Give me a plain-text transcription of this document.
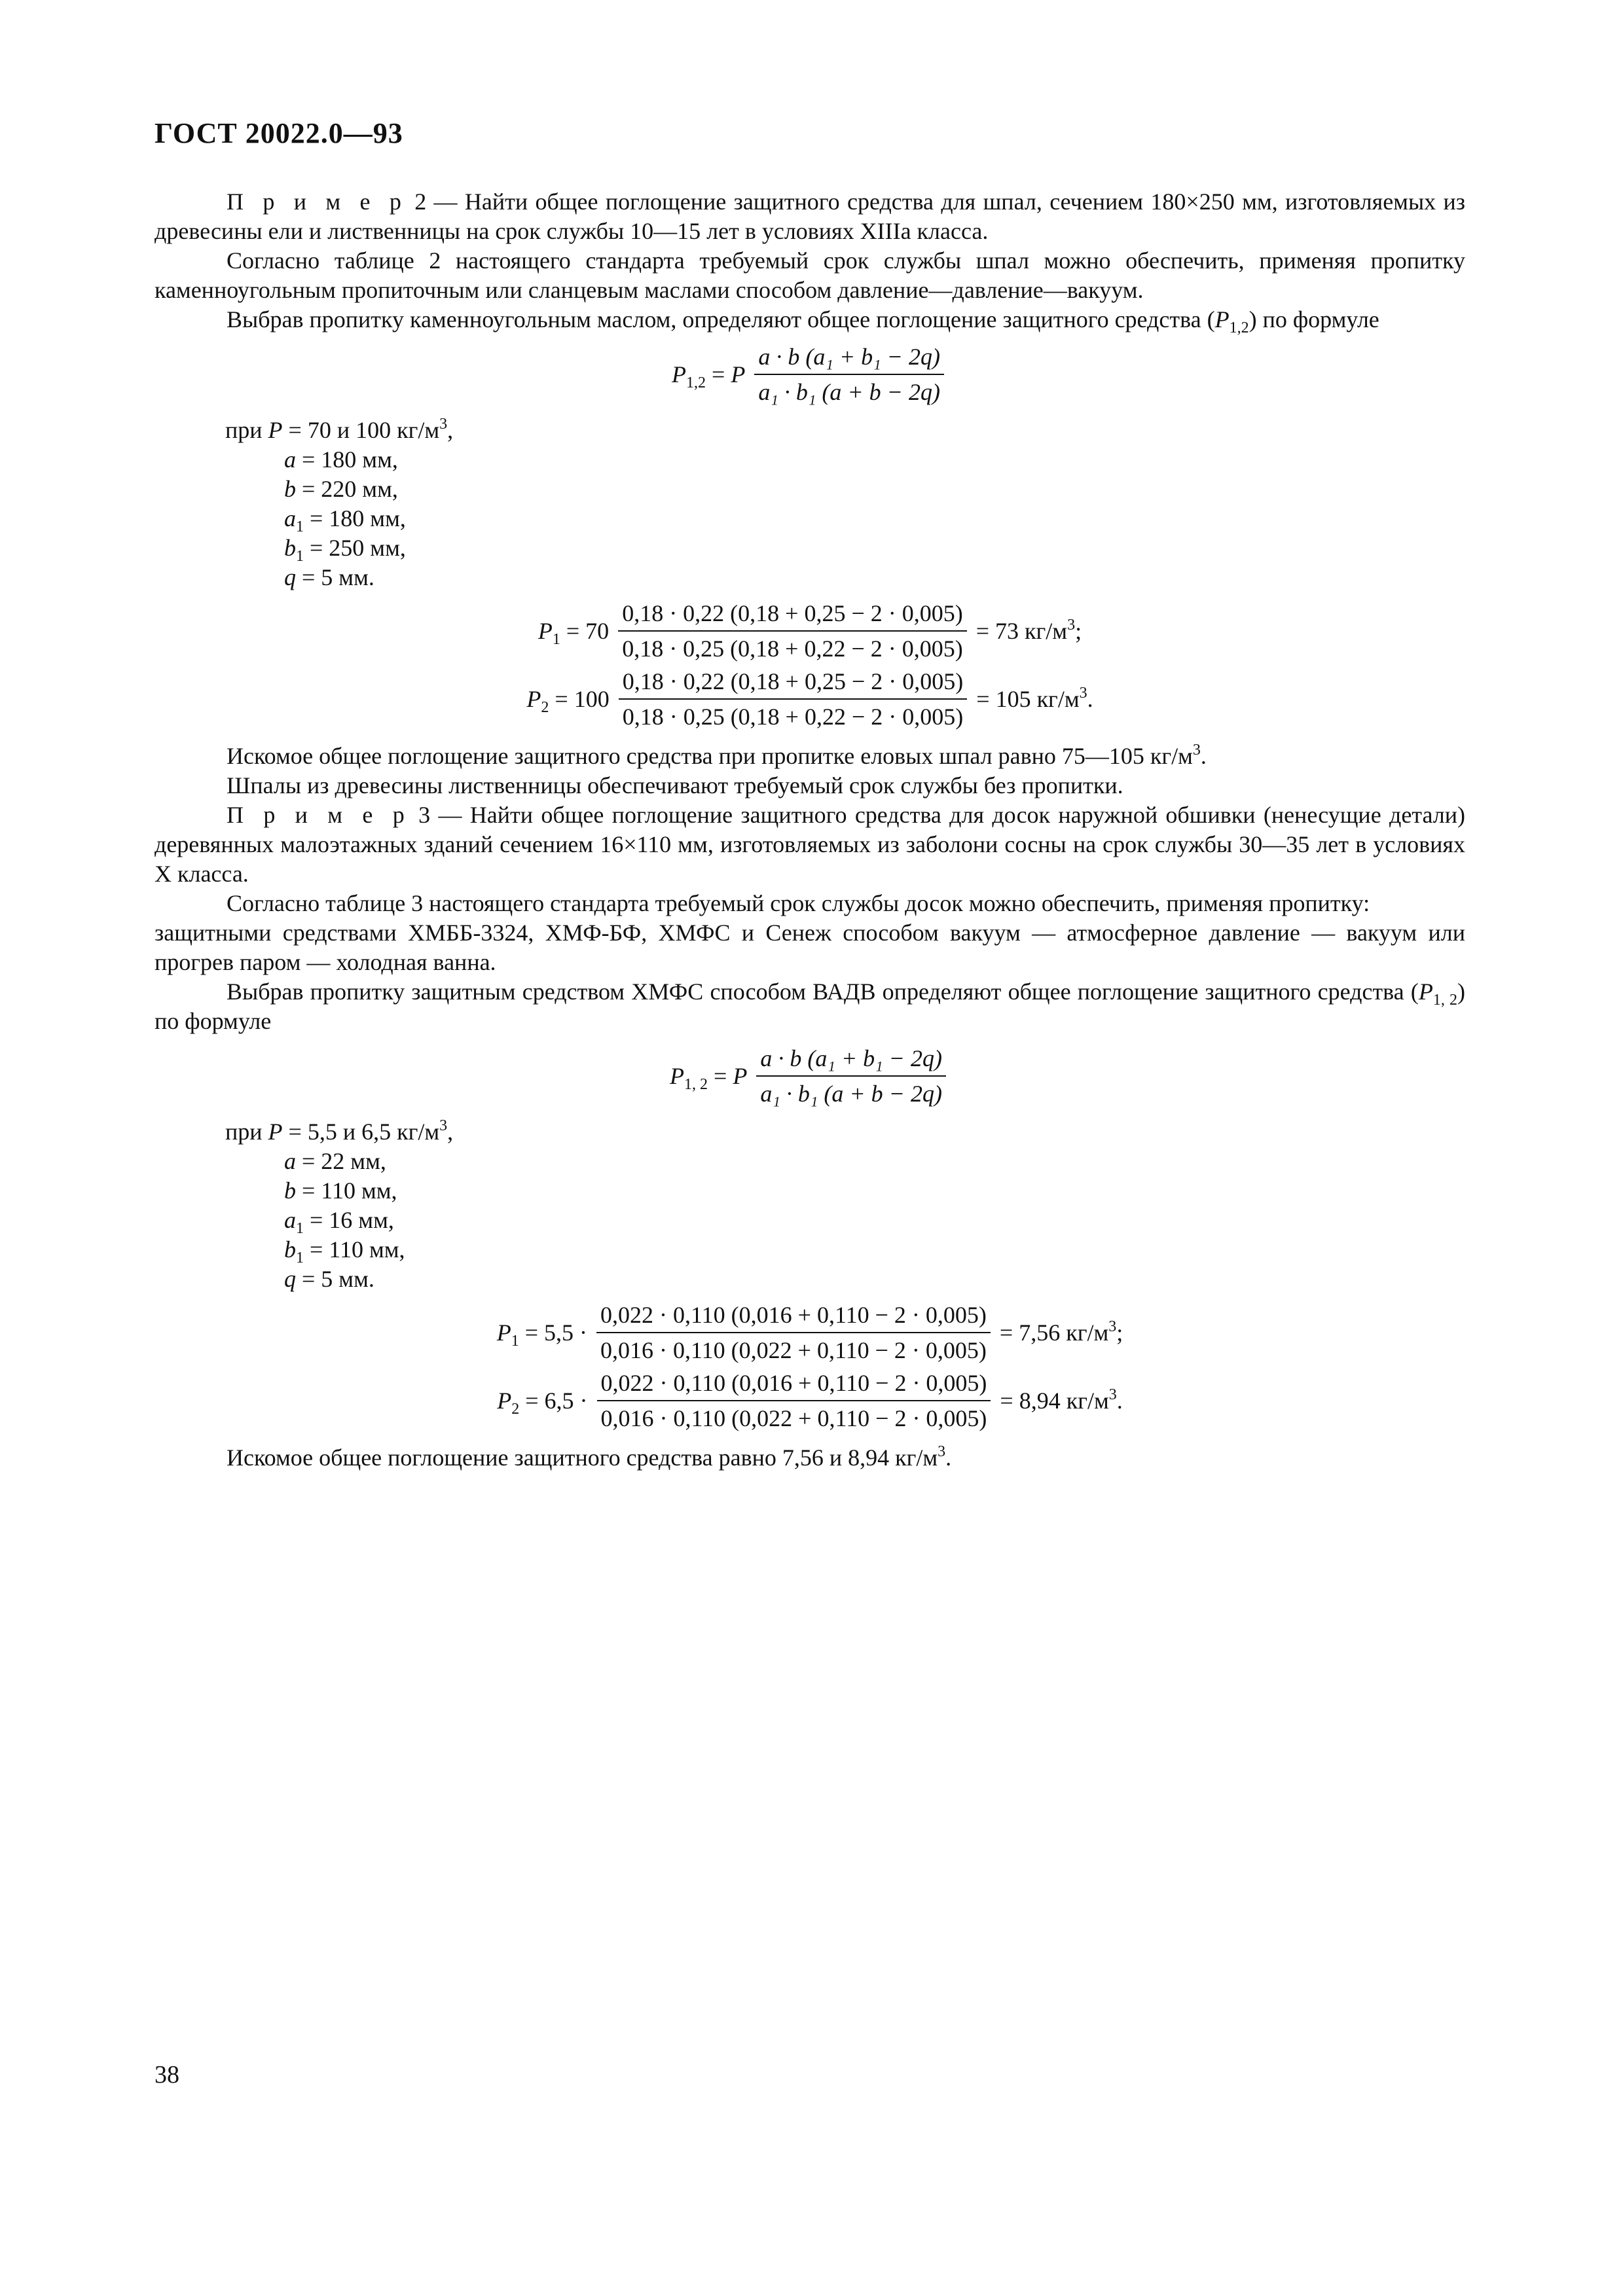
ГОСТ 20022.0—93

П р и м е р 2 — Найти общее поглощение защитного средства для шпал, сечением 180×250 мм, изготовляемых из древесины ели и лиственницы на срок службы 10—15 лет в условиях XIIIа класса.

Согласно таблице 2 настоящего стандарта требуемый срок службы шпал можно обеспечить, применяя пропитку каменноугольным пропиточным или сланцевым маслами способом давление—давление—вакуум.

Выбрав пропитку каменноугольным маслом, определяют общее поглощение защитного средства $(P_{1,2})$ по формуле

$P_{1,2} = P \frac{\text{a · b (a₁ + b₁ − 2q)}}{\text{a₁ · b₁ (a + b − 2q)}}$
при P = 70 и 100 $кг/м^3$,
a = 180 мм,
b = 220 мм,
$a_1 = 180$ мм,
$b_1 = 250$ мм,
q = 5 мм.
$P_1 = 70 \frac{0,18 \cdot 0,22 (0,18 + 0,25 - 2 \cdot 0,005)}{0,18 \cdot 0,25 (0,18 + 0,22 - 2 \cdot 0,005)} = 73$ $кг/м^3$;
$P_2 = 100 \frac{0,18 \cdot 0,22 (0,18 + 0,25 - 2 \cdot 0,005)}{0,18 \cdot 0,25 (0,18 + 0,22 - 2 \cdot 0,005)} = 105$ $кг/м^3$.

Искомое общее поглощение защитного средства при пропитке еловых шпал равно 75—105 $кг/м^3$.

Шпалы из древесины лиственницы обеспечивают требуемый срок службы без пропитки.

П р и м е р 3 — Найти общее поглощение защитного средства для досок наружной обшивки (ненесущие детали) деревянных малоэтажных зданий сечением 16×110 мм, изготовляемых из заболони сосны на срок службы 30—35 лет в условиях X класса.

Согласно таблице 3 настоящего стандарта требуемый срок службы досок можно обеспечить, применяя пропитку:

защитными средствами ХМББ-3324, ХМФ-БФ, ХМФС и Сенеж способом вакуум — атмосферное давление — вакуум или прогрев паром — холодная ванна.

Выбрав пропитку защитным средством ХМФС способом ВАДВ определяют общее поглощение защитного средства $(P_{1, 2})$ по формуле

$P_{1, 2} = P \frac{\text{a · b (a₁ + b₁ − 2q)}}{\text{a₁ · b₁ (a + b − 2q)}}$
при P = 5,5 и 6,5 $кг/м^3$,
a = 22 мм,
b = 110 мм,
$a_1 = 16$ мм,
$b_1 = 110$ мм,
q = 5 мм.
$P_1 = 5,5 \cdot \frac{0,022 \cdot 0,110 (0,016 + 0,110 - 2 \cdot 0,005)}{0,016 \cdot 0,110 (0,022 + 0,110 - 2 \cdot 0,005)} = 7,56$ $кг/м^3$;
$P_2 = 6,5 \cdot \frac{0,022 \cdot 0,110 (0,016 + 0,110 - 2 \cdot 0,005)}{0,016 \cdot 0,110 (0,022 + 0,110 - 2 \cdot 0,005)} = 8,94$ $кг/м^3$.

Искомое общее поглощение защитного средства равно 7,56 и 8,94 $кг/м^3$.

38
